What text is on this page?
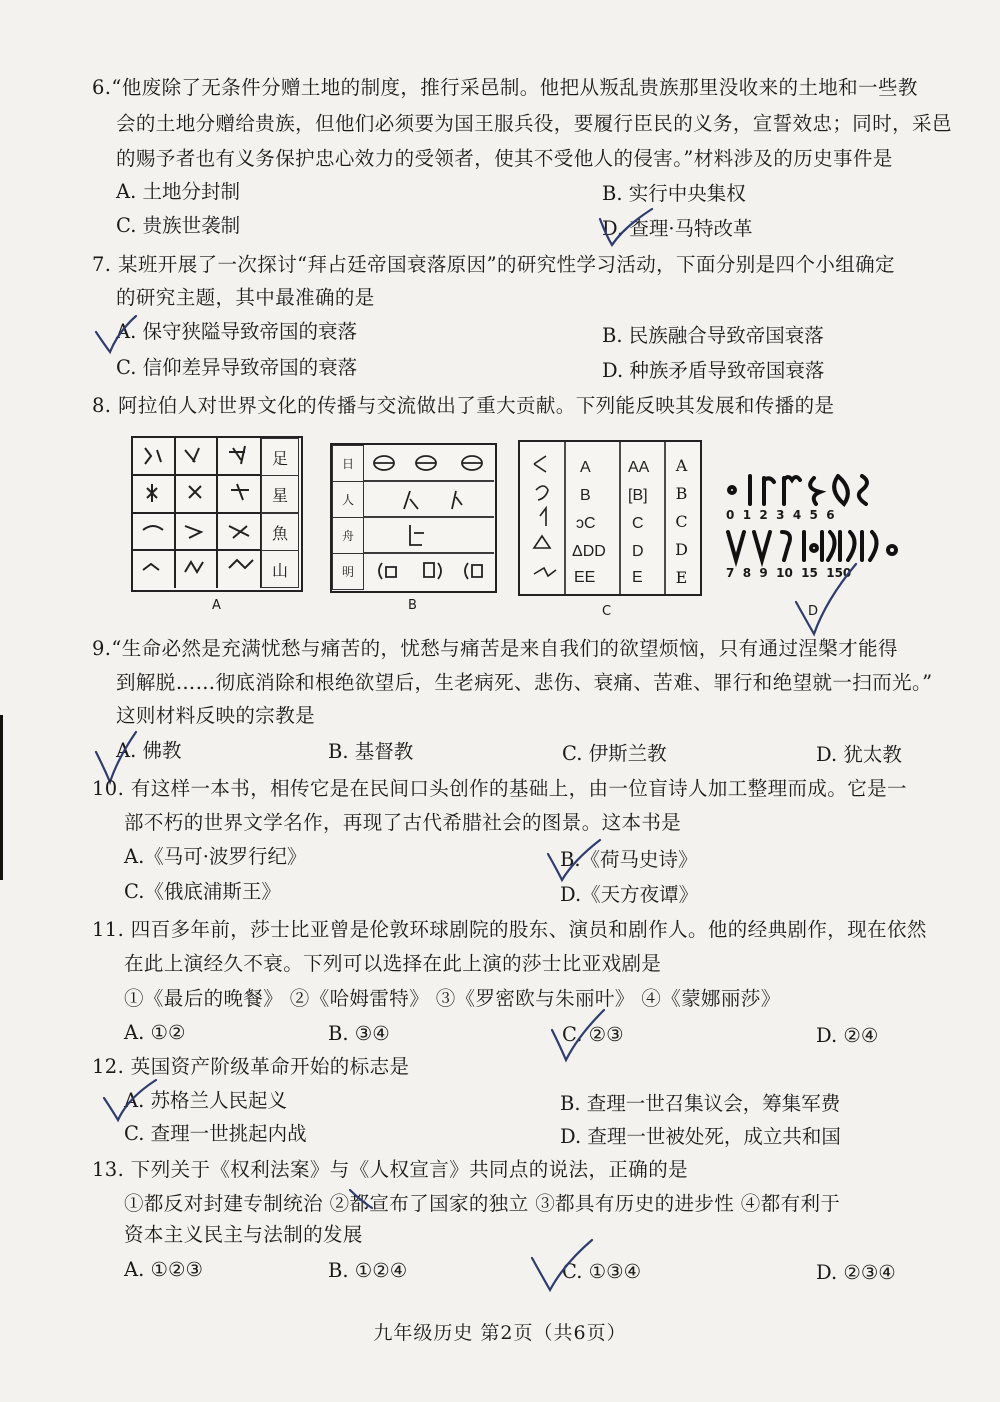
6.“他废除了无条件分赠土地的制度，推行采邑制。他把从叛乱贵族那里没收来的土地和一些教
会的土地分赠给贵族，但他们必须要为国王服兵役，要履行臣民的义务，宣誓效忠；同时，采邑
的赐予者也有义务保护忠心效力的受领者，使其不受他人的侵害。”材料涉及的历史事件是
A. 土地分封制	B. 实行中央集权
C. 贵族世袭制	D. 查理·马特改革
7. 某班开展了一次探讨“拜占廷帝国衰落原因”的研究性学习活动，下面分别是四个小组确定
的研究主题，其中最准确的是
A. 保守狭隘导致帝国的衰落	B. 民族融合导致帝国衰落
C. 信仰差异导致帝国的衰落	D. 种族矛盾导致帝国衰落
8. 阿拉伯人对世界文化的传播与交流做出了重大贡献。下列能反映其发展和传播的是
足
星
魚
山
A
日
人
舟
明
B
A
B
ↄC
ΔDD
EE
AA
[B]
C
D
E
A
B
C
D
E
C
0  1  2  3  4  5  6
7  8  9  10  15  150
D
9.“生命必然是充满忧愁与痛苦的，忧愁与痛苦是来自我们的欲望烦恼，只有通过涅槃才能得
到解脱……彻底消除和根绝欲望后，生老病死、悲伤、衰痛、苦难、罪行和绝望就一扫而光。”
这则材料反映的宗教是
A. 佛教	B. 基督教	C. 伊斯兰教	D. 犹太教
10. 有这样一本书，相传它是在民间口头创作的基础上，由一位盲诗人加工整理而成。它是一
部不朽的世界文学名作，再现了古代希腊社会的图景。这本书是
A.《马可·波罗行纪》	B.《荷马史诗》
C.《俄底浦斯王》	D.《天方夜谭》
11. 四百多年前，莎士比亚曾是伦敦环球剧院的股东、演员和剧作人。他的经典剧作，现在依然
在此上演经久不衰。下列可以选择在此上演的莎士比亚戏剧是
①《最后的晚餐》 ②《哈姆雷特》 ③《罗密欧与朱丽叶》 ④《蒙娜丽莎》
A. ①②	B. ③④	C. ②③	D. ②④
12. 英国资产阶级革命开始的标志是
A. 苏格兰人民起义	B. 查理一世召集议会，筹集军费
C. 查理一世挑起内战	D. 查理一世被处死，成立共和国
13. 下列关于《权利法案》与《人权宣言》共同点的说法，正确的是
①都反对封建专制统治 ②都宣布了国家的独立 ③都具有历史的进步性 ④都有利于
资本主义民主与法制的发展
A. ①②③	B. ①②④	C. ①③④	D. ②③④
九年级历史 第2页（共6页）
